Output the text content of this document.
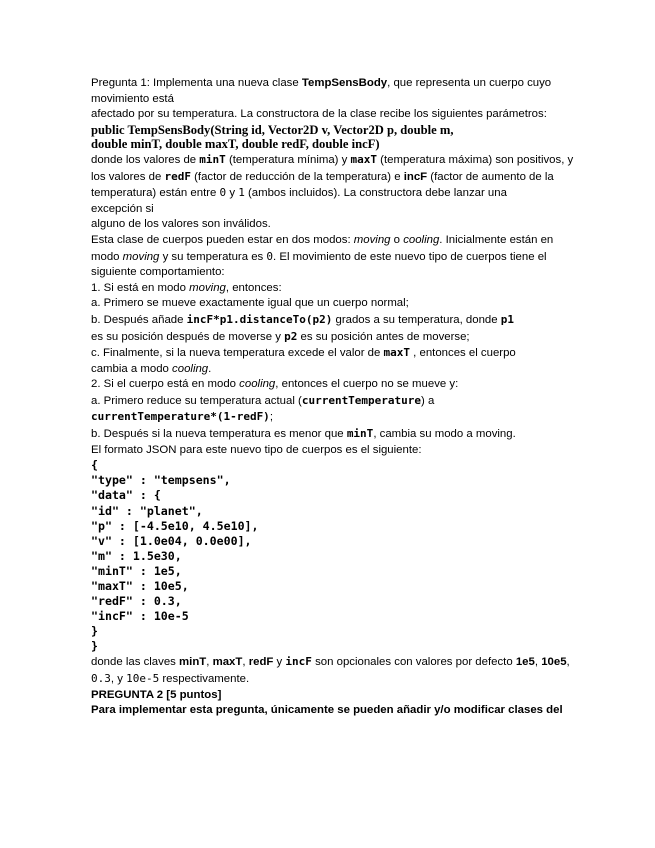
Pregunta 1: Implementa una nueva clase TempSensBody, que representa un cuerpo cuyo movimiento está

afectado por su temperatura. La constructora de la clase recibe los siguientes parámetros:

public TempSensBody(String id, Vector2D v, Vector2D p, double m,

double minT, double maxT, double redF, double incF)

donde los valores de minT (temperatura mínima) y maxT (temperatura máxima) son positivos, y

los valores de redF (factor de reducción de la temperatura) e incF (factor de aumento de la

temperatura) están entre 0 y 1 (ambos incluidos). La constructora debe lanzar una excepción si

alguno de los valores son inválidos.

Esta clase de cuerpos pueden estar en dos modos: moving o cooling. Inicialmente están en

modo moving y su temperatura es 0. El movimiento de este nuevo tipo de cuerpos tiene el

siguiente comportamiento:

1. Si está en modo moving, entonces:

a. Primero se mueve exactamente igual que un cuerpo normal;

b. Después añade incF*p1.distanceTo(p2) grados a su temperatura, donde p1

es su posición después de moverse y p2 es su posición antes de moverse;

c. Finalmente, si la nueva temperatura excede el valor de maxT , entonces el cuerpo

cambia a modo cooling.

2. Si el cuerpo está en modo cooling, entonces el cuerpo no se mueve y:

a. Primero reduce su temperatura actual (currentTemperature) a

currentTemperature*(1-redF);

b. Después si la nueva temperatura es menor que minT, cambia su modo a moving.

El formato JSON para este nuevo tipo de cuerpos es el siguiente:

{

"type" : "tempsens",

"data" : {

"id" : "planet",

"p" : [-4.5e10, 4.5e10],

"v" : [1.0e04, 0.0e00],

"m" : 1.5e30,

"minT" : 1e5,

"maxT" : 10e5,

"redF" : 0.3,

"incF" : 10e-5

}

}

donde las claves minT, maxT, redF y incF son opcionales con valores por defecto 1e5, 10e5,

0.3, y 10e-5 respectivamente.

PREGUNTA 2 [5 puntos]

Para implementar esta pregunta, únicamente se pueden añadir y/o modificar clases del
